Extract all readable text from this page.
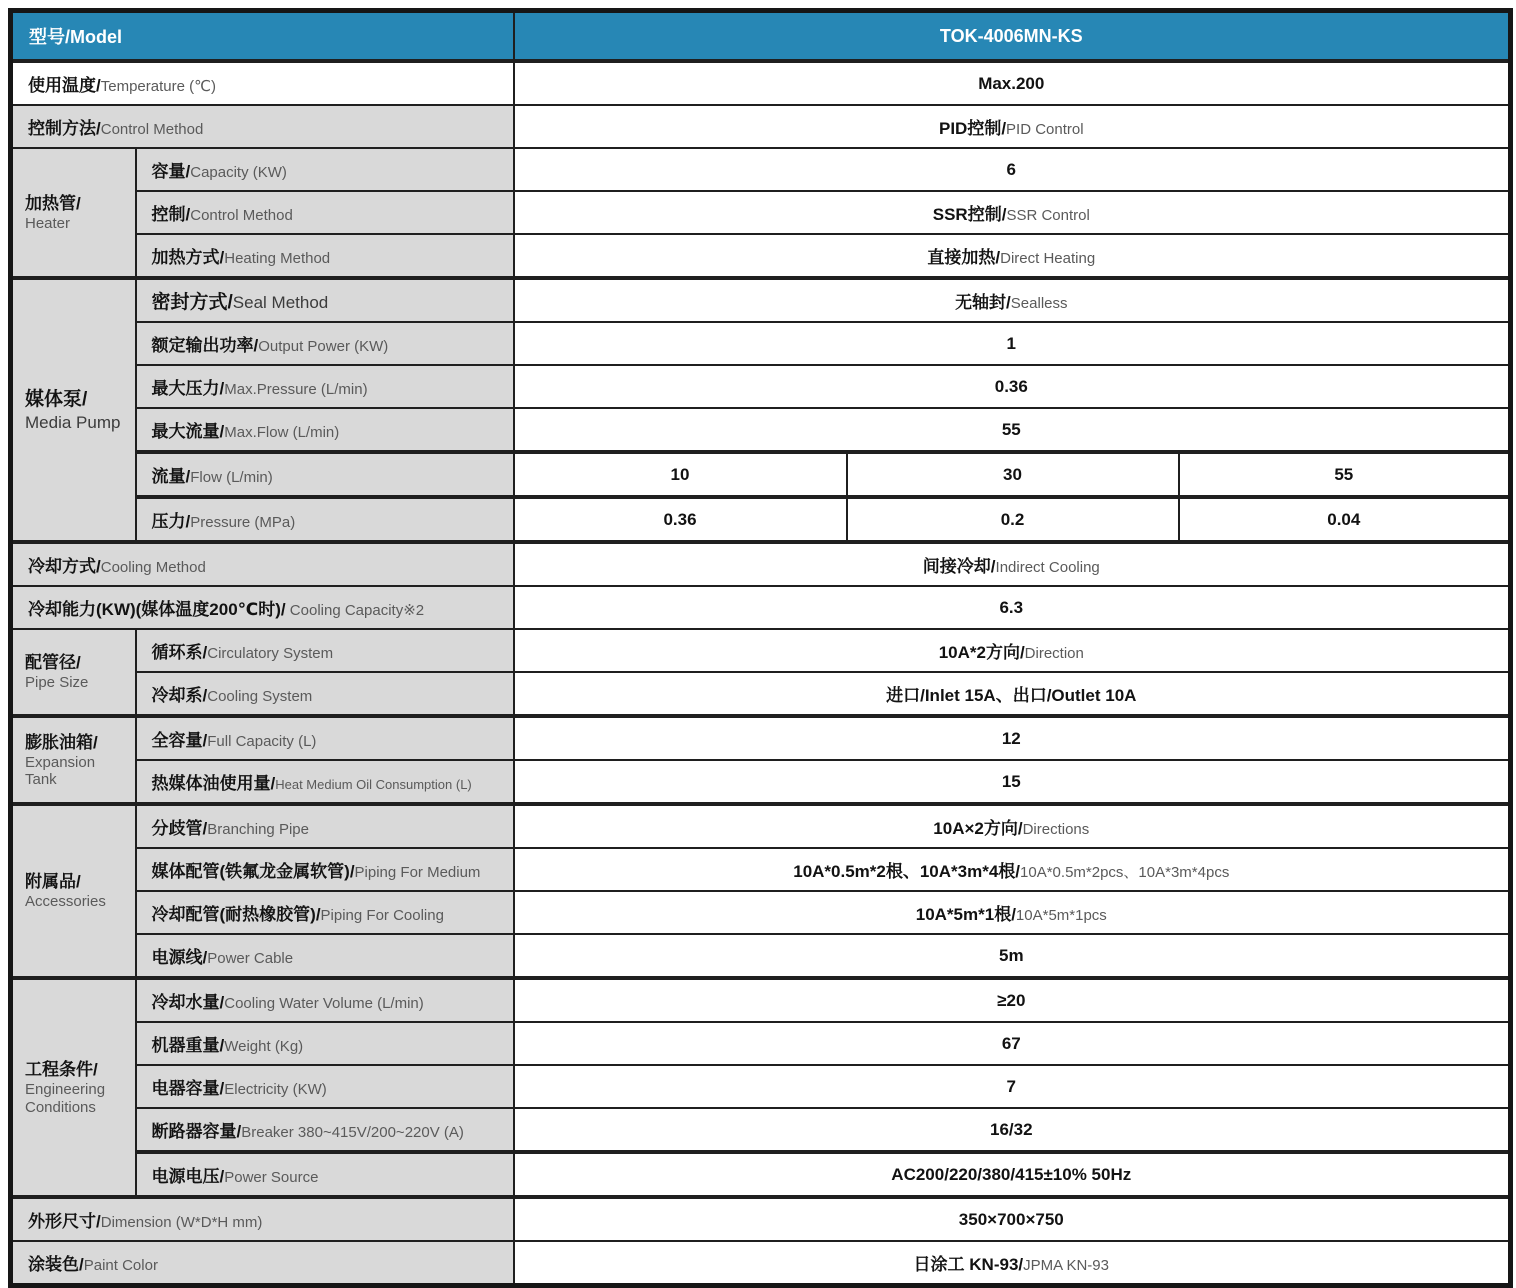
型号/Model		TOK-4006MN-KS		
使用温度/Temperature (℃)		Max.200		
控制方法/Control Method		PID控制/PID Control		

加热管/
Heater	容量/Capacity (KW)	6		
	控制/Control Method	SSR控制/SSR Control		
	加热方式/Heating Method	直接加热/Direct Heating		

媒体泵/
Media Pump	密封方式/Seal Method	无轴封/Sealless		
	额定输出功率/Output Power (KW)	1		
	最大压力/Max.Pressure (L/min)	0.36		
	最大流量/Max.Flow (L/min)	55		
	流量/Flow (L/min)	10	30	55
	压力/Pressure (MPa)	0.36	0.2	0.04
冷却方式/Cooling Method		间接冷却/Indirect Cooling		
冷却能力(KW)(媒体温度200℃时)/ Cooling Capacity※2		6.3		

配管径/
Pipe Size	循环系/Circulatory System	10A*2方向/Direction		
	冷却系/Cooling System	进口/Inlet 15A、出口/Outlet 10A		

膨胀油箱/
Expansion Tank	全容量/Full Capacity (L)	12		
	热媒体油使用量/Heat Medium Oil Consumption (L)	15		

附属品/
Accessories	分歧管/Branching Pipe	10A×2方向/Directions		
	媒体配管(铁氟龙金属软管)/Piping For Medium	10A*0.5m*2根、10A*3m*4根/10A*0.5m*2pcs、10A*3m*4pcs		
	冷却配管(耐热橡胶管)/Piping For Cooling	10A*5m*1根/10A*5m*1pcs		
	电源线/Power Cable	5m		

工程条件/
Engineering Conditions	冷却水量/Cooling Water Volume (L/min)	≥20		
	机器重量/Weight (Kg)	67		
	电器容量/Electricity (KW)	7		
	断路器容量/Breaker 380~415V/200~220V (A)	16/32		
	电源电压/Power Source	AC200/220/380/415±10% 50Hz		
外形尺寸/Dimension (W*D*H mm)		350×700×750		
涂装色/Paint Color		日涂工 KN-93/JPMA KN-93		
